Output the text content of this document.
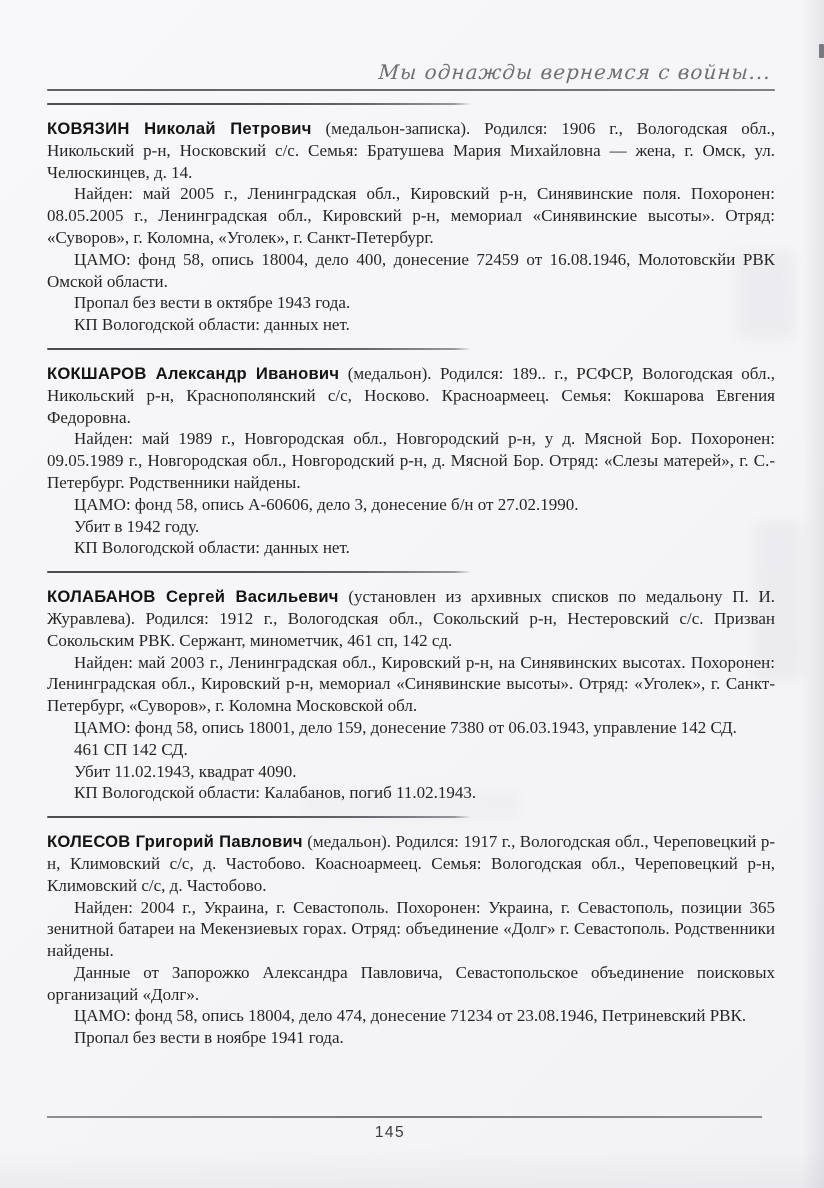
Мы однажды вернемся с войны...

КОВЯЗИН Николай Петрович (медальон-записка). Родился: 1906 г., Вологодская обл., Никольский р-н, Носковский с/с. Семья: Братушева Мария Михайловна — жена, г. Омск, ул. Челюскинцев, д. 14.

Найден: май 2005 г., Ленинградская обл., Кировский р-н, Синявинские поля. Похоронен: 08.05.2005 г., Ленинградская обл., Кировский р-н, мемориал «Синявинские высоты». Отряд: «Суворов», г. Коломна, «Уголек», г. Санкт-Петербург.

ЦАМО: фонд 58, опись 18004, дело 400, донесение 72459 от 16.08.1946, Молотовскйи РВК Омской области.

Пропал без вести в октябре 1943 года.

КП Вологодской области: данных нет.

КОКШАРОВ Александр Иванович (медальон). Родился: 189.. г., РСФСР, Вологодская обл., Никольский р-н, Краснополянский с/с, Носково. Красноармеец. Семья: Кокшарова Евгения Федоровна.

Найден: май 1989 г., Новгородская обл., Новгородский р-н, у д. Мясной Бор. Похоронен: 09.05.1989 г., Новгородская обл., Новгородский р-н, д. Мясной Бор. Отряд: «Слезы матерей», г. С.-Петербург. Родственники найдены.

ЦАМО: фонд 58, опись А-60606, дело 3, донесение б/н от 27.02.1990.

Убит в 1942 году.

КП Вологодской области: данных нет.

КОЛАБАНОВ Сергей Васильевич (установлен из архивных списков по медальону П. И. Журавлева). Родился: 1912 г., Вологодская обл., Сокольский р-н, Нестеровский с/с. Призван Сокольским РВК. Сержант, минометчик, 461 сп, 142 сд.

Найден: май 2003 г., Ленинградская обл., Кировский р-н, на Синявинских высотах. Похоронен: Ленинградская обл., Кировский р-н, мемориал «Синявинские высоты». Отряд: «Уголек», г. Санкт-Петербург, «Суворов», г. Коломна Московской обл.

ЦАМО: фонд 58, опись 18001, дело 159, донесение 7380 от 06.03.1943, управление 142 СД.

461 СП 142 СД.

Убит 11.02.1943, квадрат 4090.

КП Вологодской области: Калабанов, погиб 11.02.1943.

КОЛЕСОВ Григорий Павлович (медальон). Родился: 1917 г., Вологодская обл., Череповецкий р-н, Климовский с/с, д. Частобово. Коасноармеец. Семья: Вологодская обл., Череповецкий р-н, Климовский с/с, д. Частобово.

Найден: 2004 г., Украина, г. Севастополь. Похоронен: Украина, г. Севастополь, позиции 365 зенитной батареи на Мекензиевых горах. Отряд: объединение «Долг» г. Севастополь. Родственники найдены.

Данные от Запорожко Александра Павловича, Севастопольское объединение поисковых организаций «Долг».

ЦАМО: фонд 58, опись 18004, дело 474, донесение 71234 от 23.08.1946, Петриневский РВК.

Пропал без вести в ноябре 1941 года.

145
